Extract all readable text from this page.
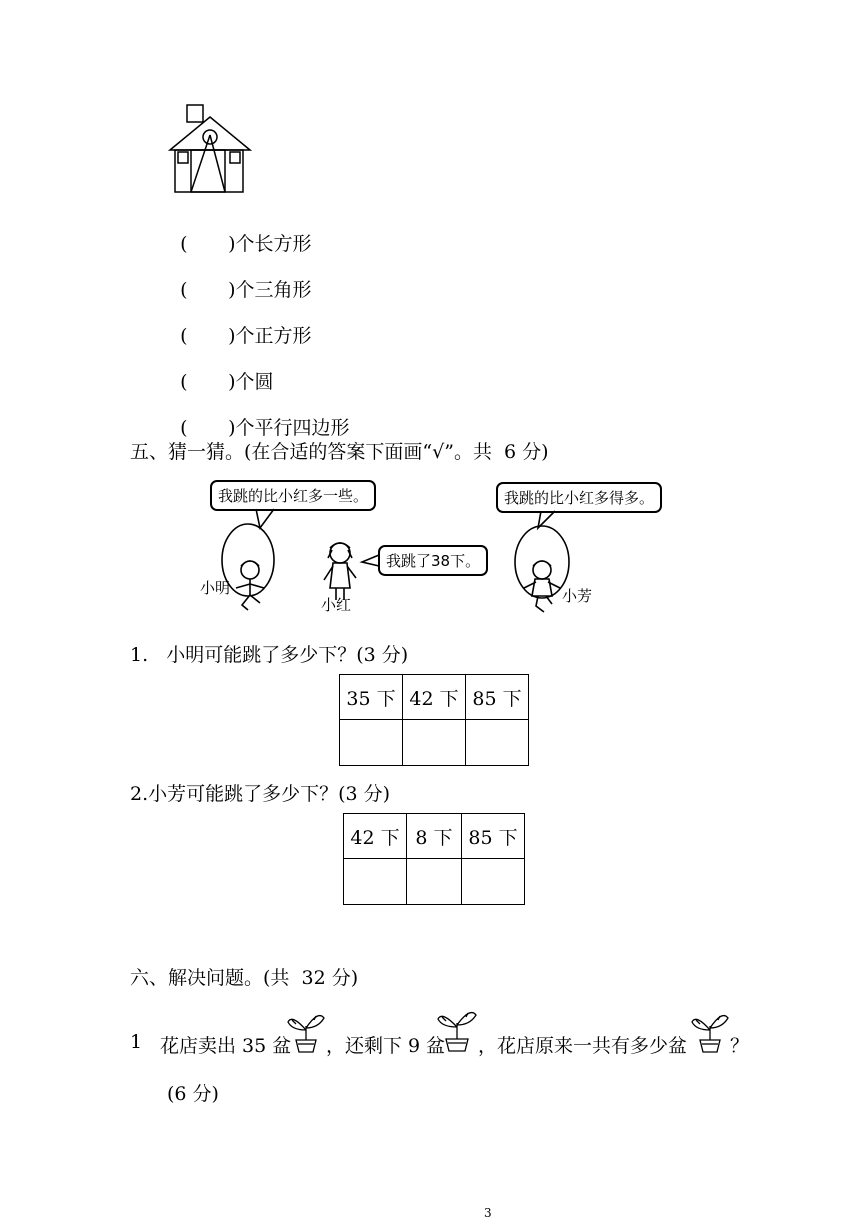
( )个长方形

( )个三角形

( )个正方形

( )个圆

( )个平行四边形

五、猜一猜。(在合适的答案下面画“√”。共  6 分)
我跳的比小红多一些。
我跳了38下。
我跳的比小红多得多。
小明
小红	小芳
1.   小明可能跳了多少下？(3 分)
35 下	42 下	85 下

2.小芳可能跳了多少下？(3 分)
42 下	8 下	85 下

六、解决问题。(共  32 分)
1 花店卖出 35 盆 ，还剩下 9 盆 ，花店原来一共有多少盆 ？
(6 分)
3
